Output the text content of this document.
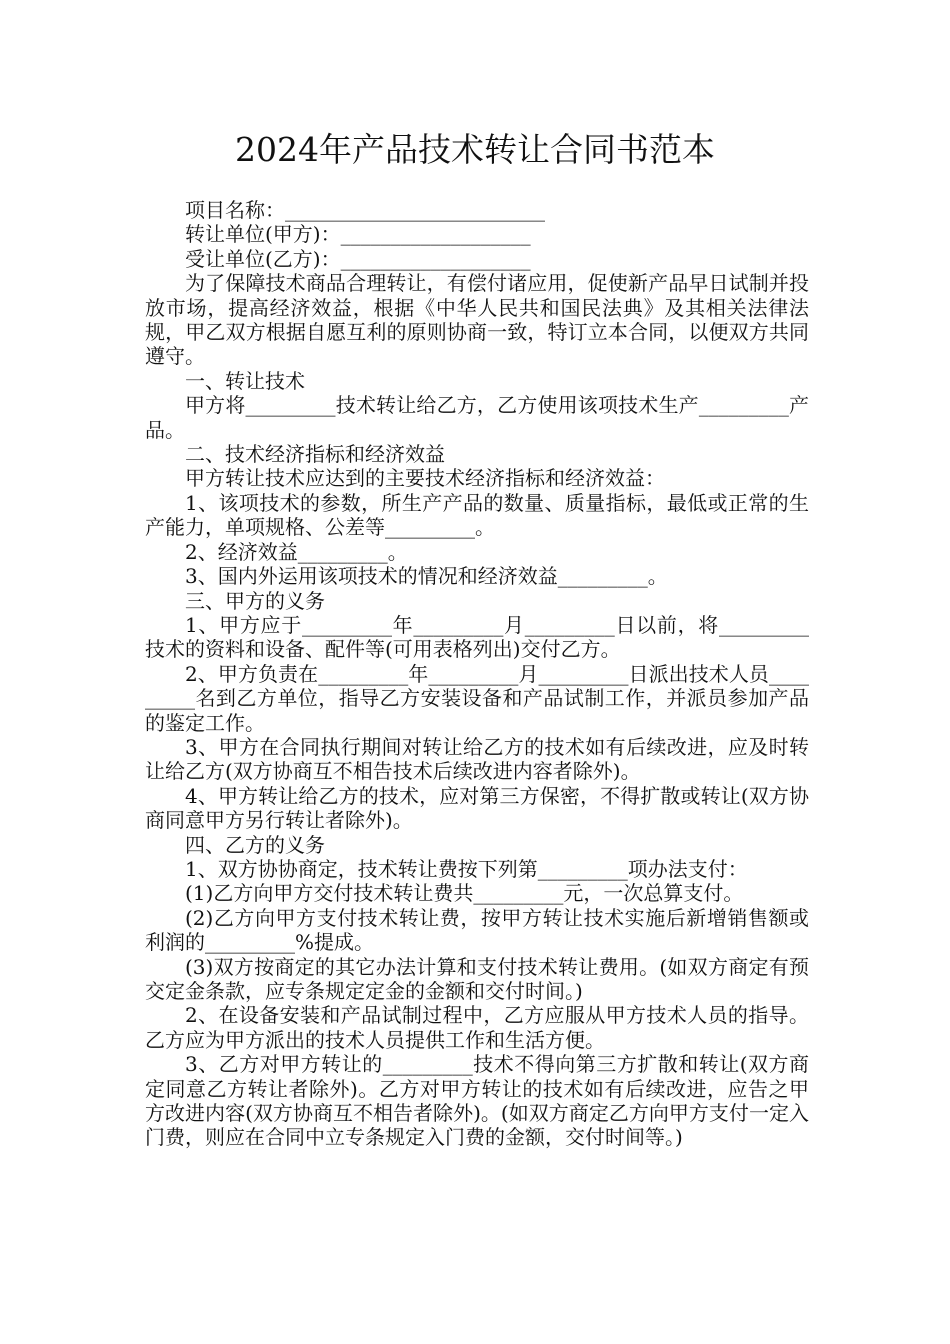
2024年产品技术转让合同书范本

项目名称：__________________________

转让单位(甲方)：___________________

受让单位(乙方)：___________________

为了保障技术商品合理转让，有偿付诸应用，促使新产品早日试制并投放市场，提高经济效益，根据《中华人民共和国民法典》及其相关法律法规，甲乙双方根据自愿互利的原则协商一致，特订立本合同，以便双方共同遵守。

一、转让技术

甲方将_________技术转让给乙方，乙方使用该项技术生产_________产品。

二、技术经济指标和经济效益

甲方转让技术应达到的主要技术经济指标和经济效益：

1、该项技术的参数，所生产产品的数量、质量指标，最低或正常的生产能力，单项规格、公差等_________。

2、经济效益_________。

3、国内外运用该项技术的情况和经济效益_________。

三、甲方的义务

1、甲方应于_________年_________月_________日以前，将_________技术的资料和设备、配件等(可用表格列出)交付乙方。

2、甲方负责在_________年_________月_________日派出技术人员_________名到乙方单位，指导乙方安装设备和产品试制工作，并派员参加产品的鉴定工作。

3、甲方在合同执行期间对转让给乙方的技术如有后续改进，应及时转让给乙方(双方协商互不相告技术后续改进内容者除外)。

4、甲方转让给乙方的技术，应对第三方保密，不得扩散或转让(双方协商同意甲方另行转让者除外)。

四、乙方的义务

1、双方协协商定，技术转让费按下列第_________项办法支付：

(1)乙方向甲方交付技术转让费共_________元，一次总算支付。

(2)乙方向甲方支付技术转让费，按甲方转让技术实施后新增销售额或利润的_________%提成。

(3)双方按商定的其它办法计算和支付技术转让费用。(如双方商定有预交定金条款，应专条规定定金的金额和交付时间。)

2、在设备安装和产品试制过程中，乙方应服从甲方技术人员的指导。乙方应为甲方派出的技术人员提供工作和生活方便。

3、乙方对甲方转让的_________技术不得向第三方扩散和转让(双方商定同意乙方转让者除外)。乙方对甲方转让的技术如有后续改进，应告之甲方改进内容(双方协商互不相告者除外)。(如双方商定乙方向甲方支付一定入门费，则应在合同中立专条规定入门费的金额，交付时间等。)
